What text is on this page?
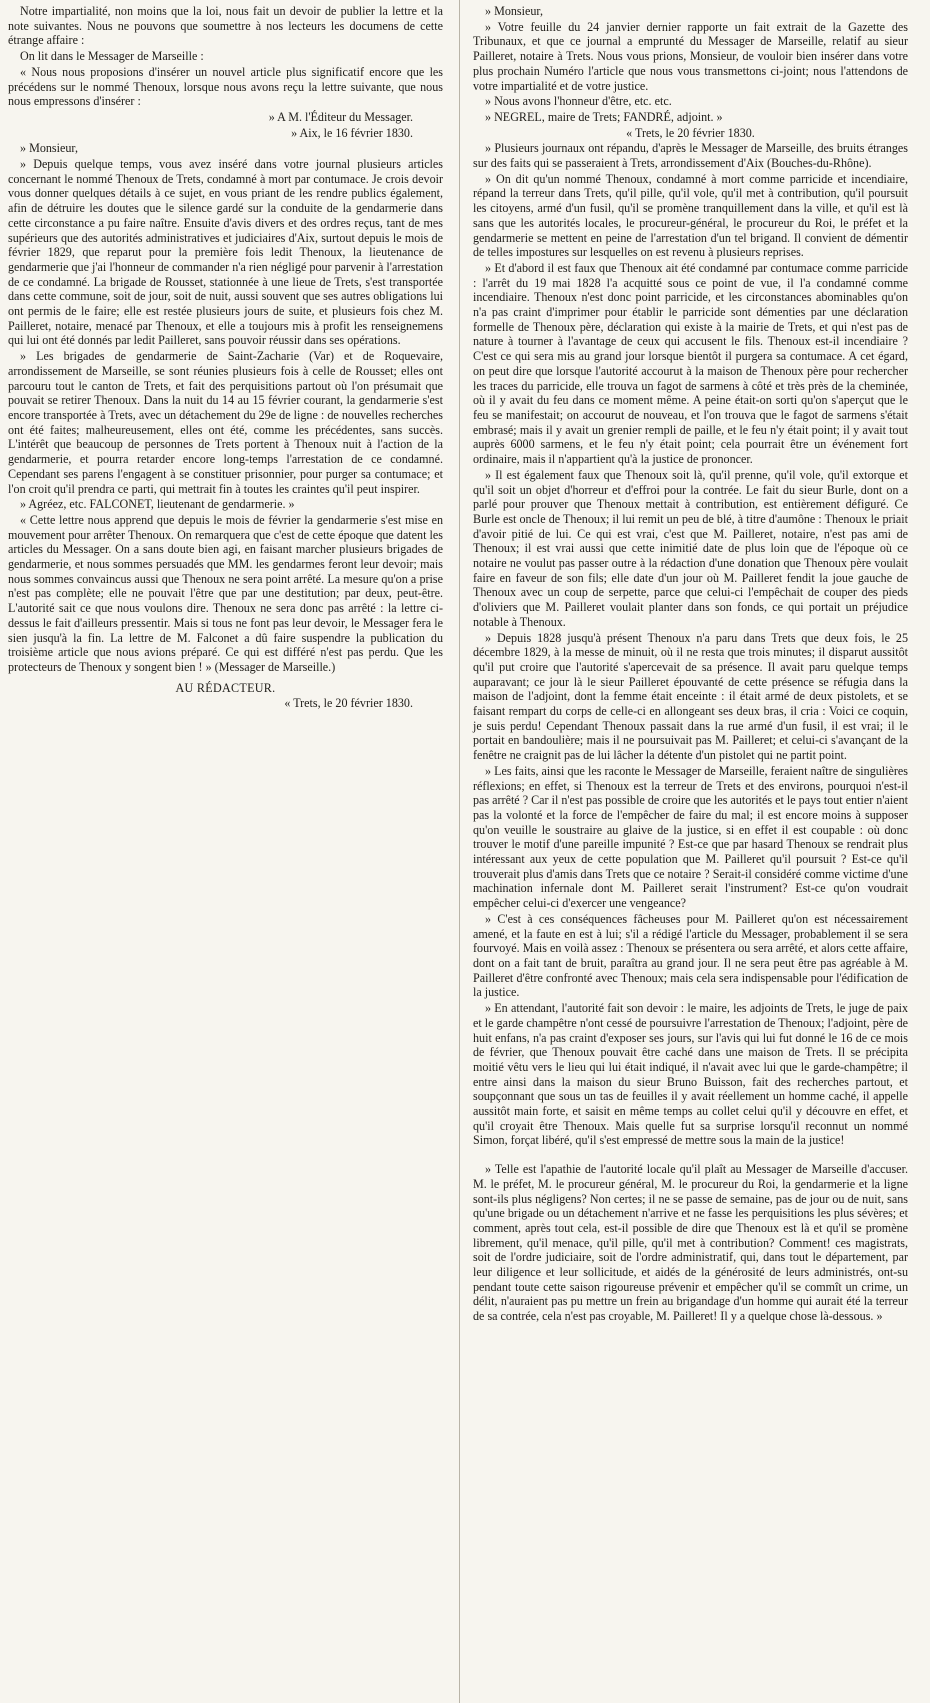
Notre impartialité, non moins que la loi, nous fait un devoir de publier la lettre et la note suivantes. Nous ne pouvons que soumettre à nos lecteurs les documens de cette étrange affaire :

On lit dans le Messager de Marseille :

« Nous nous proposions d'insérer un nouvel article plus significatif encore que les précédens sur le nommé Thenoux, lorsque nous avons reçu la lettre suivante, que nous nous empressons d'insérer :

» A M. l'Éditeur du Messager.

» Aix, le 16 février 1830.

» Monsieur,

» Depuis quelque temps, vous avez inséré dans votre journal plusieurs articles concernant le nommé Thenoux de Trets, condamné à mort par contumace. Je crois devoir vous donner quelques détails à ce sujet, en vous priant de les rendre publics également, afin de détruire les doutes que le silence gardé sur la conduite de la gendarmerie dans cette circonstance a pu faire naître. Ensuite d'avis divers et des ordres reçus, tant de mes supérieurs que des autorités administratives et judiciaires d'Aix, surtout depuis le mois de février 1829, que reparut pour la première fois ledit Thenoux, la lieutenance de gendarmerie que j'ai l'honneur de commander n'a rien négligé pour parvenir à l'arrestation de ce condamné. La brigade de Rousset, stationnée à une lieue de Trets, s'est transportée dans cette commune, soit de jour, soit de nuit, aussi souvent que ses autres obligations lui ont permis de le faire; elle est restée plusieurs jours de suite, et plusieurs fois chez M. Pailleret, notaire, menacé par Thenoux, et elle a toujours mis à profit les renseignemens qui lui ont été donnés par ledit Pailleret, sans pouvoir réussir dans ses opérations.

» Les brigades de gendarmerie de Saint-Zacharie (Var) et de Roquevaire, arrondissement de Marseille, se sont réunies plusieurs fois à celle de Rousset; elles ont parcouru tout le canton de Trets, et fait des perquisitions partout où l'on présumait que pouvait se retirer Thenoux. Dans la nuit du 14 au 15 février courant, la gendarmerie s'est encore transportée à Trets, avec un détachement du 29e de ligne : de nouvelles recherches ont été faites; malheureusement, elles ont été, comme les précédentes, sans succès. L'intérêt que beaucoup de personnes de Trets portent à Thenoux nuit à l'action de la gendarmerie, et pourra retarder encore long-temps l'arrestation de ce condamné. Cependant ses parens l'engagent à se constituer prisonnier, pour purger sa contumace; et l'on croit qu'il prendra ce parti, qui mettrait fin à toutes les craintes qu'il peut inspirer.

» Agréez, etc. FALCONET, lieutenant de gendarmerie. »

« Cette lettre nous apprend que depuis le mois de février la gendarmerie s'est mise en mouvement pour arrêter Thenoux. On remarquera que c'est de cette époque que datent les articles du Messager. On a sans doute bien agi, en faisant marcher plusieurs brigades de gendarmerie, et nous sommes persuadés que MM. les gendarmes feront leur devoir; mais nous sommes convaincus aussi que Thenoux ne sera point arrêté. La mesure qu'on a prise n'est pas complète; elle ne pouvait l'être que par une destitution; par deux, peut-être. L'autorité sait ce que nous voulons dire. Thenoux ne sera donc pas arrêté : la lettre ci-dessus le fait d'ailleurs pressentir. Mais si tous ne font pas leur devoir, le Messager fera le sien jusqu'à la fin. La lettre de M. Falconet a dû faire suspendre la publication du troisième article que nous avions préparé. Ce qui est différé n'est pas perdu. Que les protecteurs de Thenoux y songent bien ! » (Messager de Marseille.)

AU RÉDACTEUR.

« Trets, le 20 février 1830.

» Monsieur,

» Votre feuille du 24 janvier dernier rapporte un fait extrait de la Gazette des Tribunaux, et que ce journal a emprunté du Messager de Marseille, relatif au sieur Pailleret, notaire à Trets. Nous vous prions, Monsieur, de vouloir bien insérer dans votre plus prochain Numéro l'article que nous vous transmettons ci-joint; nous l'attendons de votre impartialité et de votre justice.

» Nous avons l'honneur d'être, etc. etc.

» NEGREL, maire de Trets; FANDRÉ, adjoint. »

« Trets, le 20 février 1830.

» Plusieurs journaux ont répandu, d'après le Messager de Marseille, des bruits étranges sur des faits qui se passeraient à Trets, arrondissement d'Aix (Bouches-du-Rhône).

» On dit qu'un nommé Thenoux, condamné à mort comme parricide et incendiaire, répand la terreur dans Trets, qu'il pille, qu'il vole, qu'il met à contribution, qu'il poursuit les citoyens, armé d'un fusil, qu'il se promène tranquillement dans la ville, et qu'il est là sans que les autorités locales, le procureur-général, le procureur du Roi, le préfet et la gendarmerie se mettent en peine de l'arrestation d'un tel brigand. Il convient de démentir de telles impostures sur lesquelles on est revenu à plusieurs reprises.

» Et d'abord il est faux que Thenoux ait été condamné par contumace comme parricide : l'arrêt du 19 mai 1828 l'a acquitté sous ce point de vue, il l'a condamné comme incendiaire. Thenoux n'est donc point parricide, et les circonstances abominables qu'on n'a pas craint d'imprimer pour établir le parricide sont démenties par une déclaration formelle de Thenoux père, déclaration qui existe à la mairie de Trets, et qui n'est pas de nature à tourner à l'avantage de ceux qui accusent le fils. Thenoux est-il incendiaire ? C'est ce qui sera mis au grand jour lorsque bientôt il purgera sa contumace. A cet égard, on peut dire que lorsque l'autorité accourut à la maison de Thenoux père pour rechercher les traces du parricide, elle trouva un fagot de sarmens à côté et très près de la cheminée, où il y avait du feu dans ce moment même. A peine était-on sorti qu'on s'aperçut que le feu se manifestait; on accourut de nouveau, et l'on trouva que le fagot de sarmens s'était embrasé; mais il y avait un grenier rempli de paille, et le feu n'y était point; il y avait tout auprès 6000 sarmens, et le feu n'y était point; cela pourrait être un événement fort ordinaire, mais il n'appartient qu'à la justice de prononcer.

» Il est également faux que Thenoux soit là, qu'il prenne, qu'il vole, qu'il extorque et qu'il soit un objet d'horreur et d'effroi pour la contrée. Le fait du sieur Burle, dont on a parlé pour prouver que Thenoux mettait à contribution, est entièrement défiguré. Ce Burle est oncle de Thenoux; il lui remit un peu de blé, à titre d'aumône : Thenoux le priait d'avoir pitié de lui. Ce qui est vrai, c'est que M. Pailleret, notaire, n'est pas ami de Thenoux; il est vrai aussi que cette inimitié date de plus loin que de l'époque où ce notaire ne voulut pas passer outre à la rédaction d'une donation que Thenoux père voulait faire en faveur de son fils; elle date d'un jour où M. Pailleret fendit la joue gauche de Thenoux avec un coup de serpette, parce que celui-ci l'empêchait de couper des pieds d'oliviers que M. Pailleret voulait planter dans son fonds, ce qui portait un préjudice notable à Thenoux.

» Depuis 1828 jusqu'à présent Thenoux n'a paru dans Trets que deux fois, le 25 décembre 1829, à la messe de minuit, où il ne resta que trois minutes; il disparut aussitôt qu'il put croire que l'autorité s'apercevait de sa présence. Il avait paru quelque temps auparavant; ce jour là le sieur Pailleret épouvanté de cette présence se réfugia dans la maison de l'adjoint, dont la femme était enceinte : il était armé de deux pistolets, et se faisant rempart du corps de celle-ci en allongeant ses deux bras, il cria : Voici ce coquin, je suis perdu! Cependant Thenoux passait dans la rue armé d'un fusil, il est vrai; il le portait en bandoulière; mais il ne poursuivait pas M. Pailleret; et celui-ci s'avançant de la fenêtre ne craignit pas de lui lâcher la détente d'un pistolet qui ne partit point.

» Les faits, ainsi que les raconte le Messager de Marseille, feraient naître de singulières réflexions; en effet, si Thenoux est la terreur de Trets et des environs, pourquoi n'est-il pas arrêté ? Car il n'est pas possible de croire que les autorités et le pays tout entier n'aient pas la volonté et la force de l'empêcher de faire du mal; il est encore moins à supposer qu'on veuille le soustraire au glaive de la justice, si en effet il est coupable : où donc trouver le motif d'une pareille impunité ? Est-ce que par hasard Thenoux se rendrait plus intéressant aux yeux de cette population que M. Pailleret qu'il poursuit ? Est-ce qu'il trouverait plus d'amis dans Trets que ce notaire ? Serait-il considéré comme victime d'une machination infernale dont M. Pailleret serait l'instrument? Est-ce qu'on voudrait empêcher celui-ci d'exercer une vengeance?

» C'est à ces conséquences fâcheuses pour M. Pailleret qu'on est nécessairement amené, et la faute en est à lui; s'il a rédigé l'article du Messager, probablement il se sera fourvoyé. Mais en voilà assez : Thenoux se présentera ou sera arrêté, et alors cette affaire, dont on a fait tant de bruit, paraîtra au grand jour. Il ne sera peut être pas agréable à M. Pailleret d'être confronté avec Thenoux; mais cela sera indispensable pour l'édification de la justice.

» En attendant, l'autorité fait son devoir : le maire, les adjoints de Trets, le juge de paix et le garde champêtre n'ont cessé de poursuivre l'arrestation de Thenoux; l'adjoint, père de huit enfans, n'a pas craint d'exposer ses jours, sur l'avis qui lui fut donné le 16 de ce mois de février, que Thenoux pouvait être caché dans une maison de Trets. Il se précipita moitié vêtu vers le lieu qui lui était indiqué, il n'avait avec lui que le garde-champêtre; il entre ainsi dans la maison du sieur Bruno Buisson, fait des recherches partout, et soupçonnant que sous un tas de feuilles il y avait réellement un homme caché, il appelle aussitôt main forte, et saisit en même temps au collet celui qu'il y découvre en effet, et qu'il croyait être Thenoux. Mais quelle fut sa surprise lorsqu'il reconnut un nommé Simon, forçat libéré, qu'il s'est empressé de mettre sous la main de la justice!

» Telle est l'apathie de l'autorité locale qu'il plaît au Messager de Marseille d'accuser. M. le préfet, M. le procureur général, M. le procureur du Roi, la gendarmerie et la ligne sont-ils plus négligens? Non certes; il ne se passe de semaine, pas de jour ou de nuit, sans qu'une brigade ou un détachement n'arrive et ne fasse les perquisitions les plus sévères; et comment, après tout cela, est-il possible de dire que Thenoux est là et qu'il se promène librement, qu'il menace, qu'il pille, qu'il met à contribution? Comment! ces magistrats, soit de l'ordre judiciaire, soit de l'ordre administratif, qui, dans tout le département, par leur diligence et leur sollicitude, et aidés de la générosité de leurs administrés, ont-su pendant toute cette saison rigoureuse prévenir et empêcher qu'il se commît un crime, un délit, n'auraient pas pu mettre un frein au brigandage d'un homme qui aurait été la terreur de sa contrée, cela n'est pas croyable, M. Pailleret! Il y a quelque chose là-dessous. »
